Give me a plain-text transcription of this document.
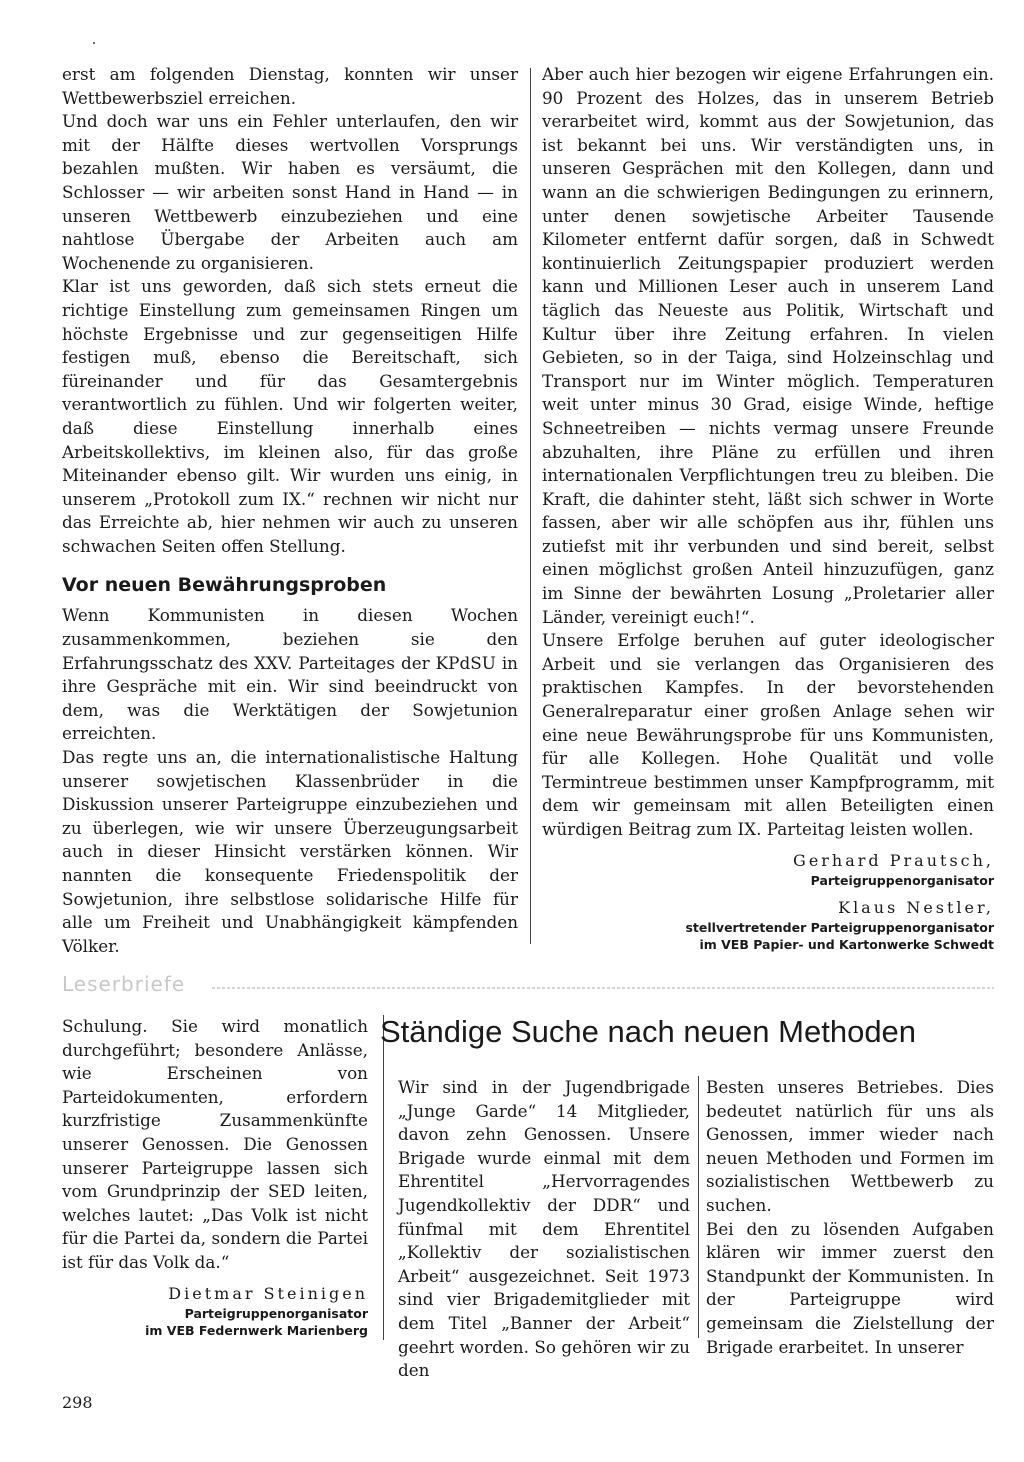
erst am folgenden Dienstag, konnten wir unser Wettbewerbsziel erreichen.

Und doch war uns ein Fehler unterlaufen, den wir mit der Hälfte dieses wertvollen Vorsprungs bezahlen mußten. Wir haben es versäumt, die Schlosser — wir arbeiten sonst Hand in Hand — in unseren Wettbewerb einzubeziehen und eine nahtlose Übergabe der Arbeiten auch am Wochenende zu organisieren.

Klar ist uns geworden, daß sich stets erneut die richtige Einstellung zum gemeinsamen Ringen um höchste Ergebnisse und zur gegenseitigen Hilfe festigen muß, ebenso die Bereitschaft, sich füreinander und für das Gesamtergebnis verantwortlich zu fühlen. Und wir folgerten weiter, daß diese Einstellung innerhalb eines Arbeitskollektivs, im kleinen also, für das große Miteinander ebenso gilt. Wir wurden uns einig, in unserem „Protokoll zum IX.“ rechnen wir nicht nur das Erreichte ab, hier nehmen wir auch zu unseren schwachen Seiten offen Stellung.

Vor neuen Bewährungsproben

Wenn Kommunisten in diesen Wochen zusammenkommen, beziehen sie den Erfahrungsschatz des XXV. Parteitages der KPdSU in ihre Gespräche mit ein. Wir sind beeindruckt von dem, was die Werktätigen der Sowjetunion erreichten.

Das regte uns an, die internationalistische Haltung unserer sowjetischen Klassenbrüder in die Diskussion unserer Parteigruppe einzubeziehen und zu überlegen, wie wir unsere Überzeugungsarbeit auch in dieser Hinsicht verstärken können. Wir nannten die konsequente Friedenspolitik der Sowjetunion, ihre selbstlose solidarische Hilfe für alle um Freiheit und Unabhängigkeit kämpfenden Völker.

Aber auch hier bezogen wir eigene Erfahrungen ein. 90 Prozent des Holzes, das in unserem Betrieb verarbeitet wird, kommt aus der Sowjetunion, das ist bekannt bei uns. Wir verständigten uns, in unseren Gesprächen mit den Kollegen, dann und wann an die schwierigen Bedingungen zu erinnern, unter denen sowjetische Arbeiter Tausende Kilometer entfernt dafür sorgen, daß in Schwedt kontinuierlich Zeitungspapier produziert werden kann und Millionen Leser auch in unserem Land täglich das Neueste aus Politik, Wirtschaft und Kultur über ihre Zeitung erfahren. In vielen Gebieten, so in der Taiga, sind Holzeinschlag und Transport nur im Winter möglich. Temperaturen weit unter minus 30 Grad, eisige Winde, heftige Schneetreiben — nichts vermag unsere Freunde abzuhalten, ihre Pläne zu erfüllen und ihren internationalen Verpflichtungen treu zu bleiben. Die Kraft, die dahinter steht, läßt sich schwer in Worte fassen, aber wir alle schöpfen aus ihr, fühlen uns zutiefst mit ihr verbunden und sind bereit, selbst einen möglichst großen Anteil hinzuzufügen, ganz im Sinne der bewährten Losung „Proletarier aller Länder, vereinigt euch!“.

Unsere Erfolge beruhen auf guter ideologischer Arbeit und sie verlangen das Organisieren des praktischen Kampfes. In der bevorstehenden Generalreparatur einer großen Anlage sehen wir eine neue Bewährungsprobe für uns Kommunisten, für alle Kollegen. Hohe Qualität und volle Termintreue bestimmen unser Kampfprogramm, mit dem wir gemeinsam mit allen Beteiligten einen würdigen Beitrag zum IX. Parteitag leisten wollen.

Gerhard Prautsch,
Parteigruppenorganisator
Klaus Nestler,
stellvertretender Parteigruppenorganisator
im VEB Papier- und Kartonwerke Schwedt
Leserbriefe

Schulung. Sie wird monatlich durchgeführt; besondere Anlässe, wie Erscheinen von Parteidokumenten, erfordern kurzfristige Zusammenkünfte unserer Genossen. Die Genossen unserer Parteigruppe lassen sich vom Grundprinzip der SED leiten, welches lautet: „Das Volk ist nicht für die Partei da, sondern die Partei ist für das Volk da.“

Dietmar Steinigen
Parteigruppenorganisator
im VEB Federnwerk Marienberg
Ständige Suche nach neuen Methoden

Wir sind in der Jugendbrigade „Junge Garde“ 14 Mitglieder, davon zehn Genossen. Unsere Brigade wurde einmal mit dem Ehrentitel „Hervorragendes Jugendkollektiv der DDR“ und fünfmal mit dem Ehrentitel „Kollektiv der sozialistischen Arbeit“ ausgezeichnet. Seit 1973 sind vier Brigademitglieder mit dem Titel „Banner der Arbeit“ geehrt worden. So gehören wir zu den

Besten unseres Betriebes. Dies bedeutet natürlich für uns als Genossen, immer wieder nach neuen Methoden und Formen im sozialistischen Wettbewerb zu suchen.

Bei den zu lösenden Aufgaben klären wir immer zuerst den Standpunkt der Kommunisten. In der Parteigruppe wird gemeinsam die Zielstellung der Brigade erarbeitet. In unserer

298
